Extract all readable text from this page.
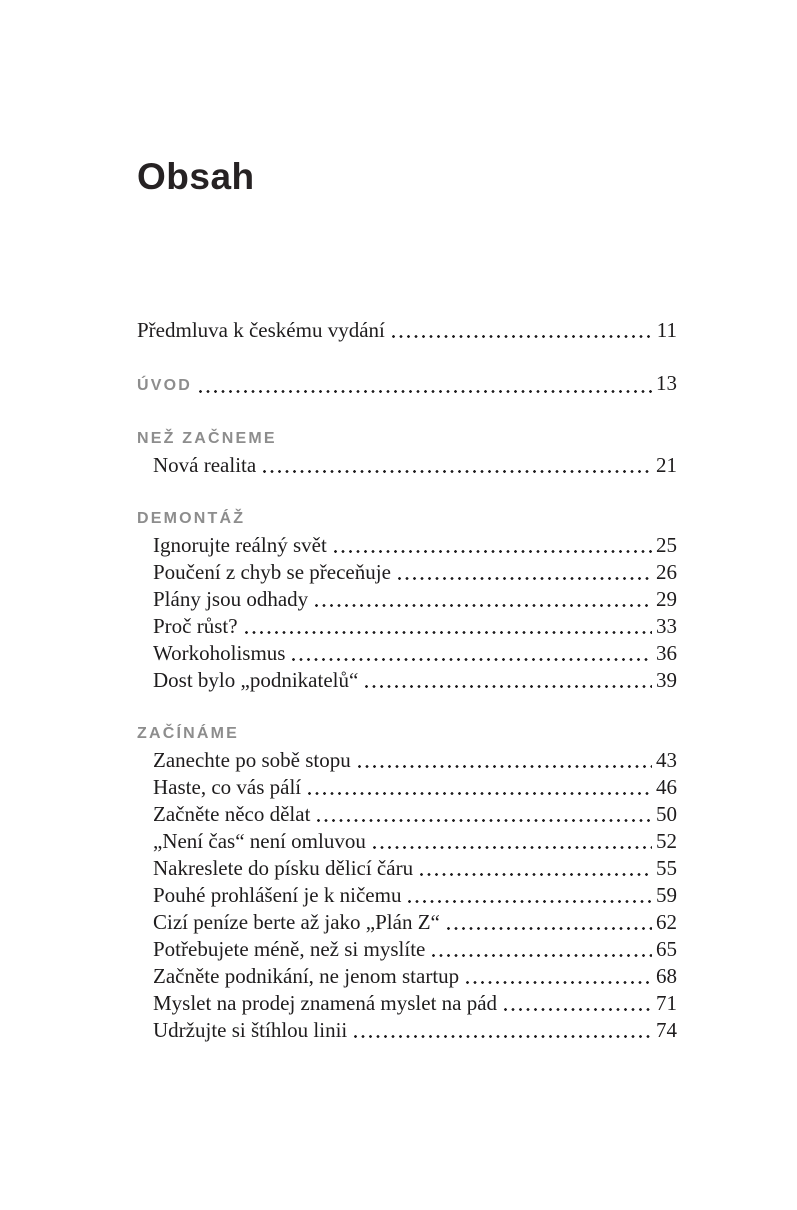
Obsah
Předmluva k českému vydání	11
ÚVOD	13
NEŽ ZAČNEME
Nová realita	21
DEMONTÁŽ
Ignorujte reálný svět	25
Poučení z chyb se přeceňuje	26
Plány jsou odhady	29
Proč růst?	33
Workoholismus	36
Dost bylo „podnikatelů“	39
ZAČÍNÁME
Zanechte po sobě stopu	43
Haste, co vás pálí	46
Začněte něco dělat	50
„Není čas“ není omluvou	52
Nakreslete do písku dělicí čáru	55
Pouhé prohlášení je k ničemu	59
Cizí peníze berte až jako „Plán Z“	62
Potřebujete méně, než si myslíte	65
Začněte podnikání, ne jenom startup	68
Myslet na prodej znamená myslet na pád	71
Udržujte si štíhlou linii	74
